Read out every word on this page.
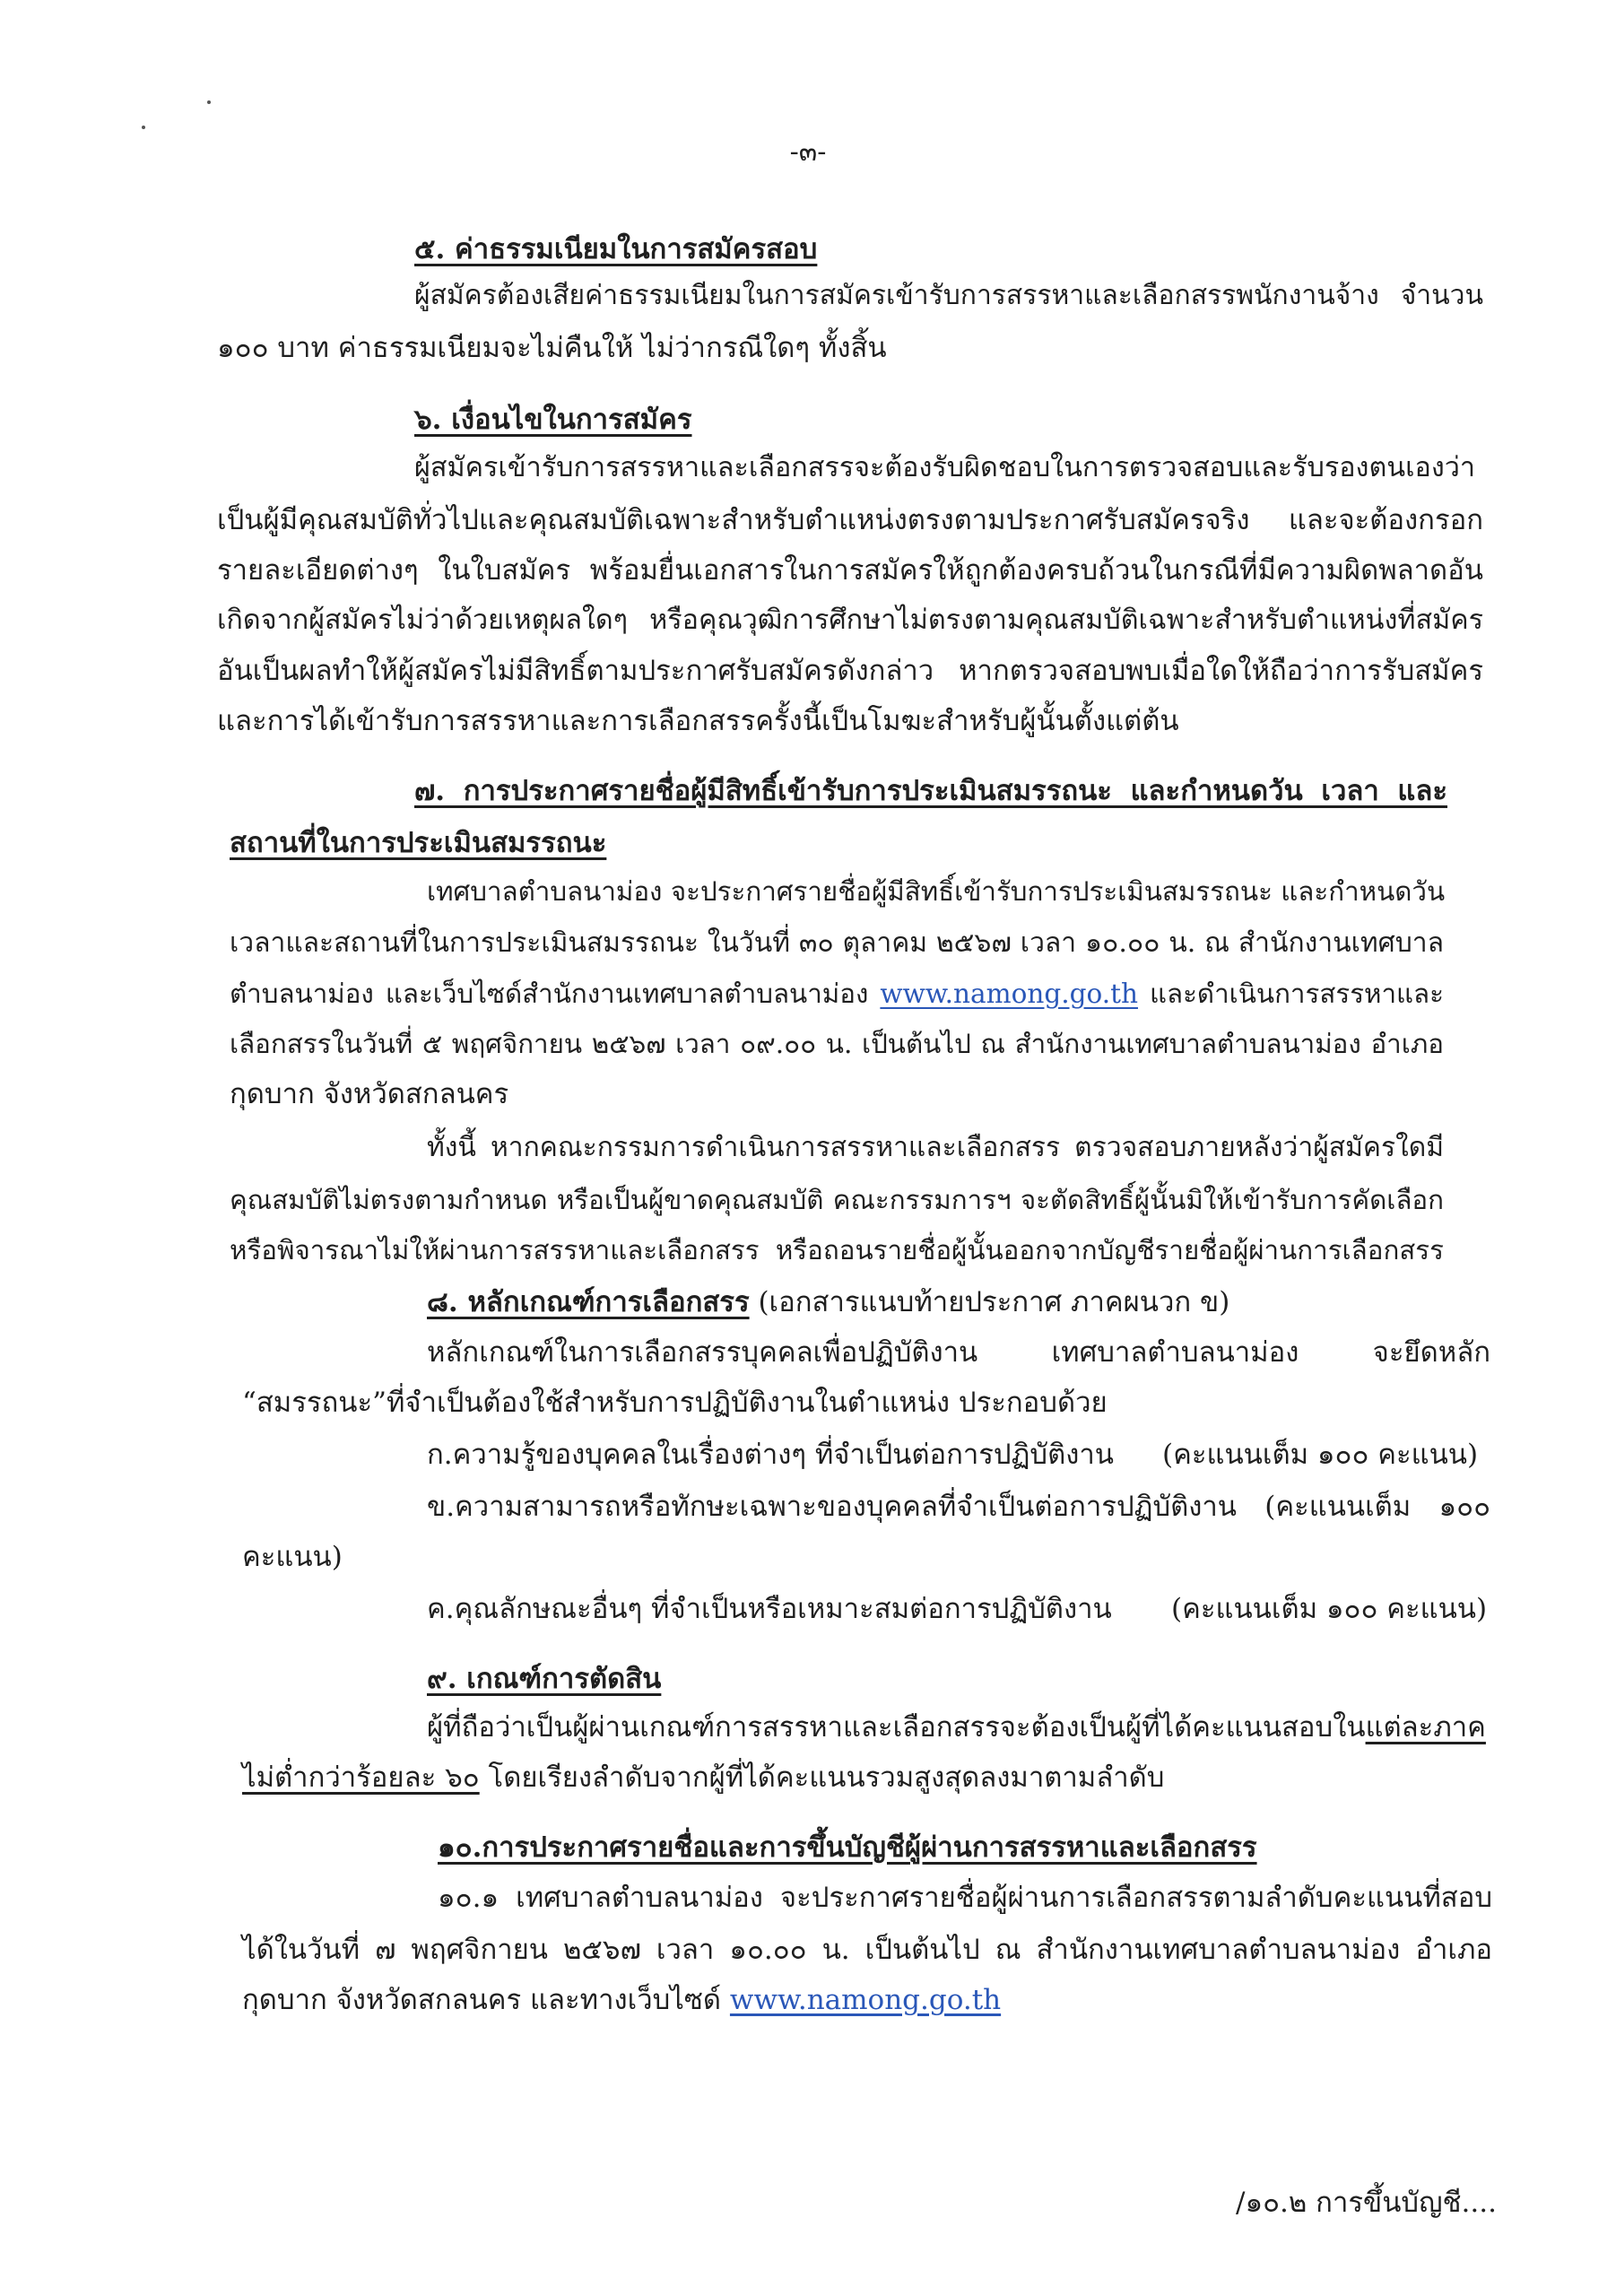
-๓-
๕. ค่าธรรมเนียมในการสมัครสอบ
ผู้สมัครต้องเสียค่าธรรมเนียมในการสมัครเข้ารับการสรรหาและเลือกสรรพนักงานจ้าง จำนวน
๑๐๐ บาท ค่าธรรมเนียมจะไม่คืนให้ ไม่ว่ากรณีใดๆ ทั้งสิ้น
๖. เงื่อนไขในการสมัคร
ผู้สมัครเข้ารับการสรรหาและเลือกสรรจะต้องรับผิดชอบในการตรวจสอบและรับรองตนเองว่า
เป็นผู้มีคุณสมบัติทั่วไปและคุณสมบัติเฉพาะสำหรับตำแหน่งตรงตามประกาศรับสมัครจริง และจะต้องกรอก
รายละเอียดต่างๆ ในใบสมัคร พร้อมยื่นเอกสารในการสมัครให้ถูกต้องครบถ้วนในกรณีที่มีความผิดพลาดอัน
เกิดจากผู้สมัครไม่ว่าด้วยเหตุผลใดๆ หรือคุณวุฒิการศึกษาไม่ตรงตามคุณสมบัติเฉพาะสำหรับตำแหน่งที่สมัคร
อันเป็นผลทำให้ผู้สมัครไม่มีสิทธิ์ตามประกาศรับสมัครดังกล่าว หากตรวจสอบพบเมื่อใดให้ถือว่าการรับสมัคร
และการได้เข้ารับการสรรหาและการเลือกสรรครั้งนี้เป็นโมฆะสำหรับผู้นั้นตั้งแต่ต้น
๗. การประกาศรายชื่อผู้มีสิทธิ์เข้ารับการประเมินสมรรถนะ และกำหนดวัน เวลา และ
สถานที่ในการประเมินสมรรถนะ
เทศบาลตำบลนาม่อง จะประกาศรายชื่อผู้มีสิทธิ์เข้ารับการประเมินสมรรถนะ และกำหนดวัน
เวลาและสถานที่ในการประเมินสมรรถนะ ในวันที่ ๓๐ ตุลาคม ๒๕๖๗ เวลา ๑๐.๐๐ น. ณ สำนักงานเทศบาล
ตำบลนาม่อง และเว็บไซด์สำนักงานเทศบาลตำบลนาม่อง www.namong.go.th และดำเนินการสรรหาและ
เลือกสรรในวันที่ ๕ พฤศจิกายน ๒๕๖๗ เวลา ๐๙.๐๐ น. เป็นต้นไป ณ สำนักงานเทศบาลตำบลนาม่อง อำเภอ
กุดบาก จังหวัดสกลนคร
ทั้งนี้ หากคณะกรรมการดำเนินการสรรหาและเลือกสรร ตรวจสอบภายหลังว่าผู้สมัครใดมี
คุณสมบัติไม่ตรงตามกำหนด หรือเป็นผู้ขาดคุณสมบัติ คณะกรรมการฯ จะตัดสิทธิ์ผู้นั้นมิให้เข้ารับการคัดเลือก
หรือพิจารณาไม่ให้ผ่านการสรรหาและเลือกสรร หรือถอนรายชื่อผู้นั้นออกจากบัญชีรายชื่อผู้ผ่านการเลือกสรร
๘. หลักเกณฑ์การเลือกสรร (เอกสารแนบท้ายประกาศ ภาคผนวก ข)
หลักเกณฑ์ในการเลือกสรรบุคคลเพื่อปฏิบัติงาน เทศบาลตำบลนาม่อง จะยึดหลัก
“สมรรถนะ”ที่จำเป็นต้องใช้สำหรับการปฏิบัติงานในตำแหน่ง ประกอบด้วย
ก.ความรู้ของบุคคลในเรื่องต่างๆ ที่จำเป็นต่อการปฏิบัติงาน (คะแนนเต็ม ๑๐๐ คะแนน)
ข.ความสามารถหรือทักษะเฉพาะของบุคคลที่จำเป็นต่อการปฏิบัติงาน (คะแนนเต็ม ๑๐๐
คะแนน)
ค.คุณลักษณะอื่นๆ ที่จำเป็นหรือเหมาะสมต่อการปฏิบัติงาน (คะแนนเต็ม ๑๐๐ คะแนน)
๙. เกณฑ์การตัดสิน
ผู้ที่ถือว่าเป็นผู้ผ่านเกณฑ์การสรรหาและเลือกสรรจะต้องเป็นผู้ที่ได้คะแนนสอบในแต่ละภาค
ไม่ต่ำกว่าร้อยละ ๖๐ โดยเรียงลำดับจากผู้ที่ได้คะแนนรวมสูงสุดลงมาตามลำดับ
๑๐.การประกาศรายชื่อและการขึ้นบัญชีผู้ผ่านการสรรหาและเลือกสรร
๑๐.๑ เทศบาลตำบลนาม่อง จะประกาศรายชื่อผู้ผ่านการเลือกสรรตามลำดับคะแนนที่สอบ
ได้ในวันที่ ๗ พฤศจิกายน ๒๕๖๗ เวลา ๑๐.๐๐ น. เป็นต้นไป ณ สำนักงานเทศบาลตำบลนาม่อง อำเภอ
กุดบาก จังหวัดสกลนคร และทางเว็บไซด์ www.namong.go.th
/๑๐.๒ การขึ้นบัญชี....
